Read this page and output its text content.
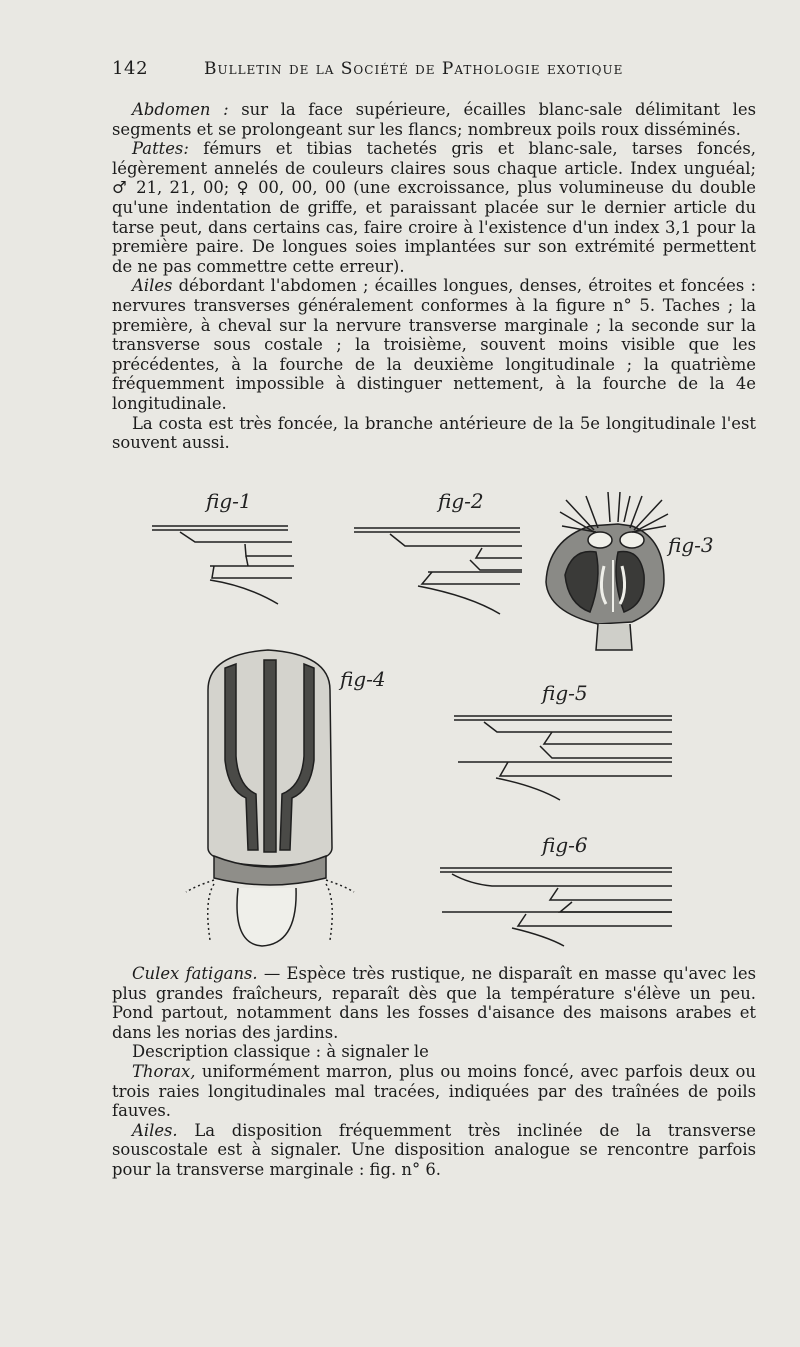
142	Bulletin de la Société de Pathologie exotique

Abdomen : sur la face supérieure, écailles blanc-sale délimitant les segments et se prolongeant sur les flancs; nombreux poils roux disséminés.

Pattes: fémurs et tibias tachetés gris et blanc-sale, tarses foncés, légèrement annelés de couleurs claires sous chaque article. Index unguéal; ♂ 21, 21, 00; ♀ 00, 00, 00 (une excroissance, plus volumineuse du double qu'une indentation de griffe, et paraissant placée sur le dernier article du tarse peut, dans certains cas, faire croire à l'existence d'un index 3,1 pour la première paire. De longues soies implantées sur son extrémité permettent de ne pas commettre cette erreur).

Ailes débordant l'abdomen ; écailles longues, denses, étroites et foncées : nervures transverses généralement conformes à la figure n° 5. Taches ; la première, à cheval sur la nervure transverse marginale ; la seconde sur la transverse sous costale ; la troisième, souvent moins visible que les précédentes, à la fourche de la deuxième longitudinale ; la quatrième fréquemment impossible à distinguer nettement, à la fourche de la 4e longitudinale.

La costa est très foncée, la branche antérieure de la 5e longitudinale l'est souvent aussi.

fig-1	fig-2
fig-3
fig-4
fig-5
fig-6

Culex fatigans. — Espèce très rustique, ne disparaît en masse qu'avec les plus grandes fraîcheurs, reparaît dès que la température s'élève un peu. Pond partout, notamment dans les fosses d'aisance des maisons arabes et dans les norias des jardins.

Description classique : à signaler le

Thorax, uniformément marron, plus ou moins foncé, avec parfois deux ou trois raies longitudinales mal tracées, indiquées par des traînées de poils fauves.

Ailes. La disposition fréquemment très inclinée de la transverse souscostale est à signaler. Une disposition analogue se rencontre parfois pour la transverse marginale : fig. n° 6.
